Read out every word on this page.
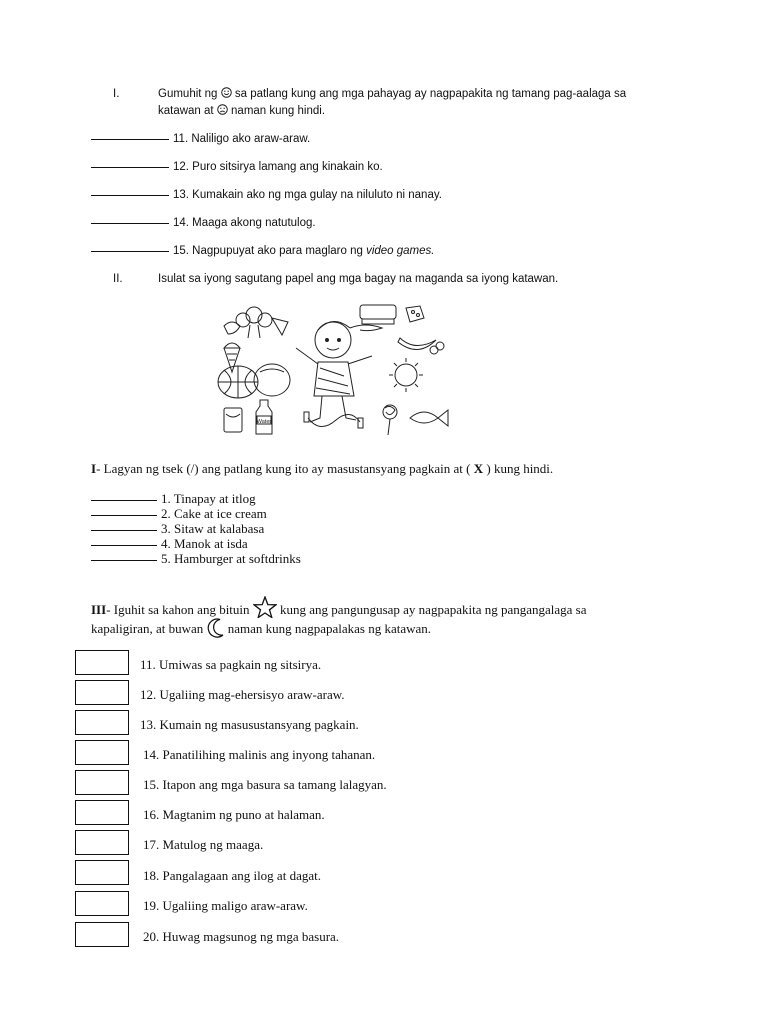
I.	Gumuhit ng sa patlang kung ang mga pahayag ay nagpapakita ng tamang pag-aalaga sa
katawan at naman kung hindi.
11. Naliligo ako araw-araw.
12. Puro sitsirya lamang ang kinakain ko.
13. Kumakain ako ng mga gulay na niluluto ni nanay.
14. Maaga akong natutulog.
15. Nagpupuyat ako para maglaro ng video games.
II.	Isulat sa iyong sagutang papel ang mga bagay na maganda sa iyong katawan.
Water
I- Lagyan ng tsek (/) ang patlang kung ito ay masustansyang pagkain at ( X ) kung hindi.
1. Tinapay at itlog
2. Cake at ice cream
3. Sitaw at kalabasa
4. Manok at isda
5. Hamburger at softdrinks
III- Iguhit sa kahon ang bituin kung ang pangungusap ay nagpapakita ng pangangalaga sa
kapaligiran, at buwan naman kung nagpapalakas ng katawan.
11. Umiwas sa pagkain ng sitsirya.
12. Ugaliing mag-ehersisyo araw-araw.
13. Kumain ng masusustansyang pagkain.
14. Panatilihing malinis ang inyong tahanan.
15. Itapon ang mga basura sa tamang lalagyan.
16. Magtanim ng puno at halaman.
17. Matulog ng maaga.
18. Pangalagaan ang ilog at dagat.
19. Ugaliing maligo araw-araw.
20. Huwag magsunog ng mga basura.
